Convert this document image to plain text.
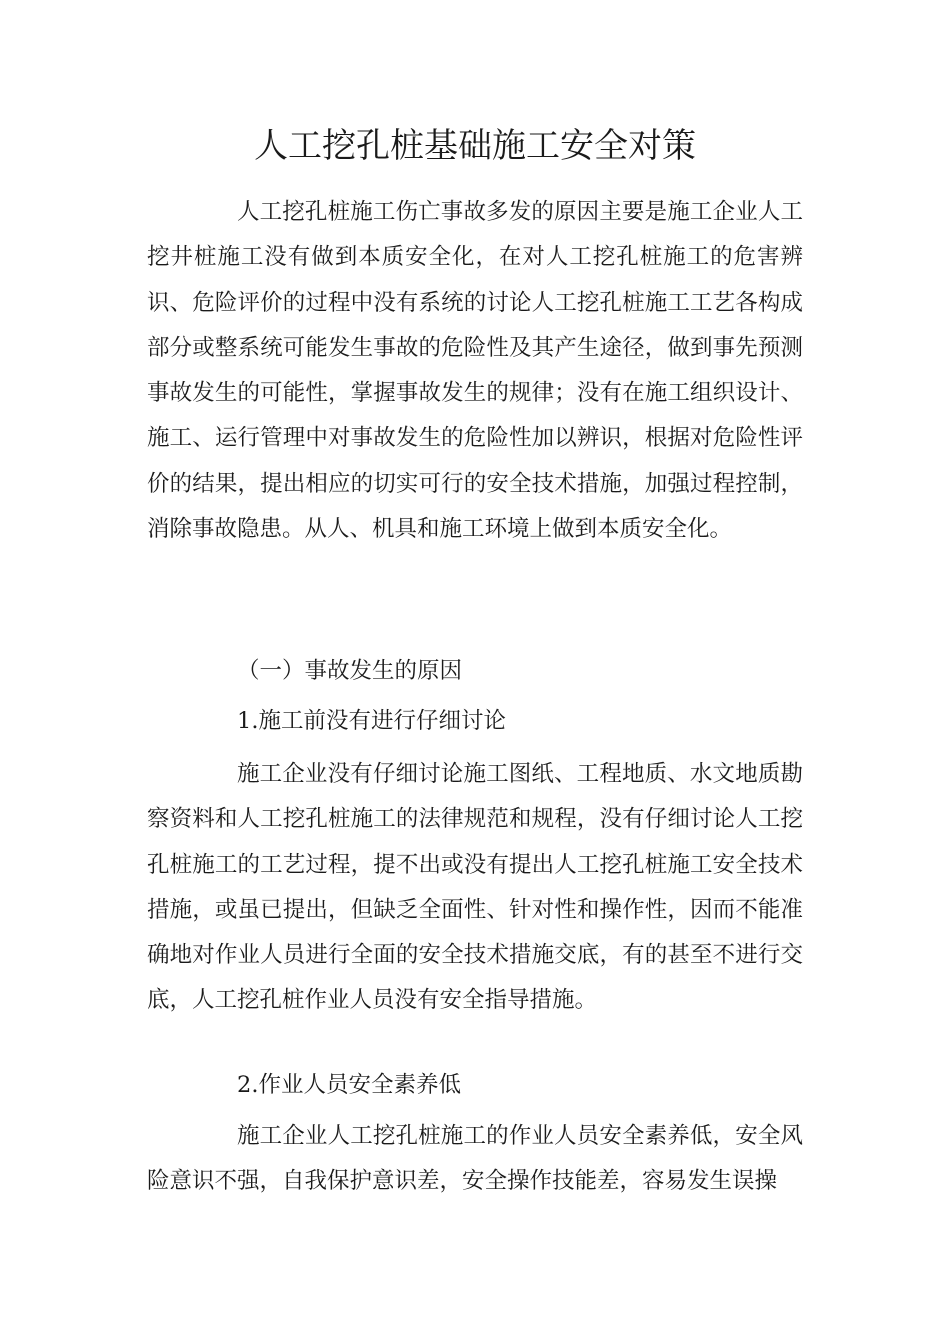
人工挖孔桩基础施工安全对策

人工挖孔桩施工伤亡事故多发的原因主要是施工企业人工挖井桩施工没有做到本质安全化，在对人工挖孔桩施工的危害辨识、危险评价的过程中没有系统的讨论人工挖孔桩施工工艺各构成部分或整系统可能发生事故的危险性及其产生途径，做到事先预测事故发生的可能性，掌握事故发生的规律；没有在施工组织设计、施工、运行管理中对事故发生的危险性加以辨识，根据对危险性评价的结果，提出相应的切实可行的安全技术措施，加强过程控制，消除事故隐患。从人、机具和施工环境上做到本质安全化。

（一）事故发生的原因
1.施工前没有进行仔细讨论

施工企业没有仔细讨论施工图纸、工程地质、水文地质勘察资料和人工挖孔桩施工的法律规范和规程，没有仔细讨论人工挖孔桩施工的工艺过程，提不出或没有提出人工挖孔桩施工安全技术措施，或虽已提出，但缺乏全面性、针对性和操作性，因而不能准确地对作业人员进行全面的安全技术措施交底，有的甚至不进行交底，人工挖孔桩作业人员没有安全指导措施。

2.作业人员安全素养低

施工企业人工挖孔桩施工的作业人员安全素养低，安全风险意识不强，自我保护意识差，安全操作技能差，容易发生误操
